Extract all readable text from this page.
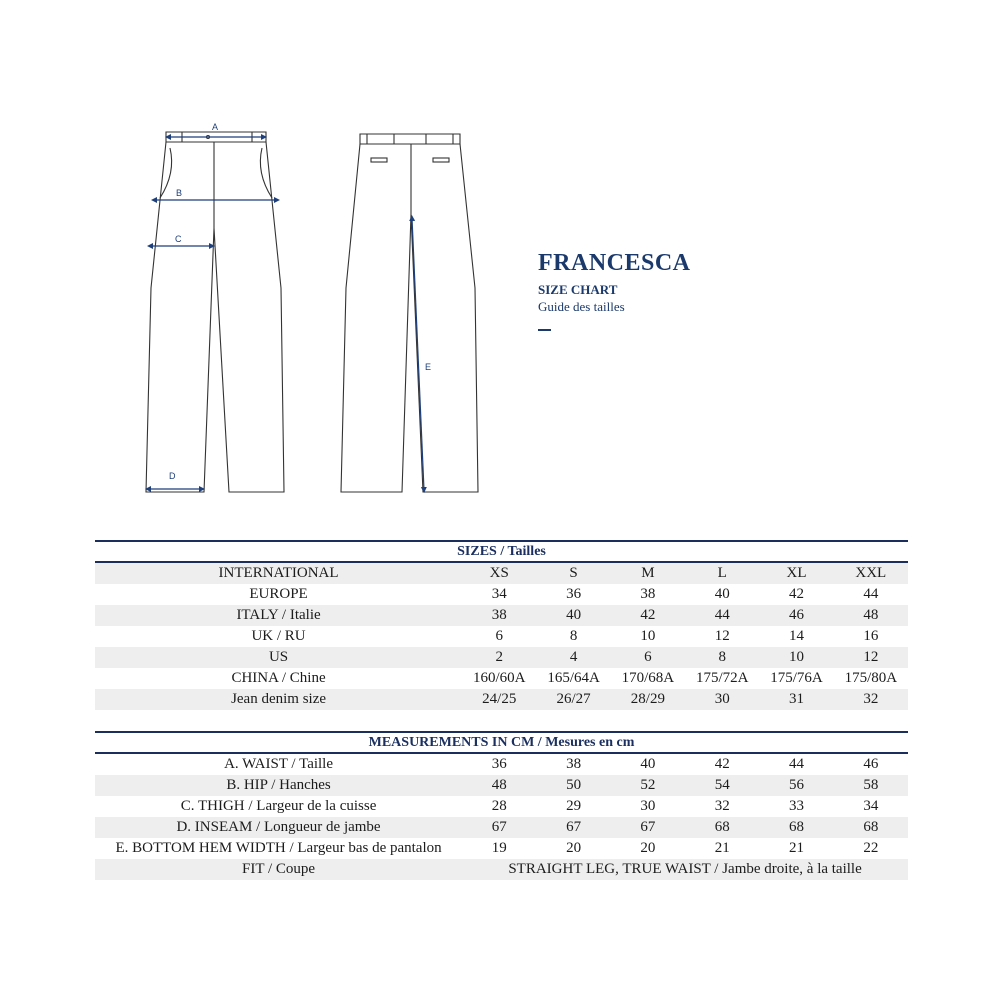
A
B
C
D
E
FRANCESCA
SIZE CHART
Guide des tailles
SIZES / Tailles
INTERNATIONAL	XS	S	M	L	XL	XXL
EUROPE	34	36	38	40	42	44
ITALY / Italie	38	40	42	44	46	48
UK / RU	6	8	10	12	14	16
US	2	4	6	8	10	12
CHINA / Chine	160/60A	165/64A	170/68A	175/72A	175/76A	175/80A
Jean denim size	24/25	26/27	28/29	30	31	32
MEASUREMENTS IN CM / Mesures en cm
A. WAIST / Taille	36	38	40	42	44	46
B. HIP / Hanches	48	50	52	54	56	58
C. THIGH / Largeur de la cuisse	28	29	30	32	33	34
D. INSEAM / Longueur de jambe	67	67	67	68	68	68
E. BOTTOM HEM WIDTH / Largeur bas de pantalon	19	20	20	21	21	22
FIT / Coupe	STRAIGHT LEG, TRUE WAIST / Jambe droite, à la taille
